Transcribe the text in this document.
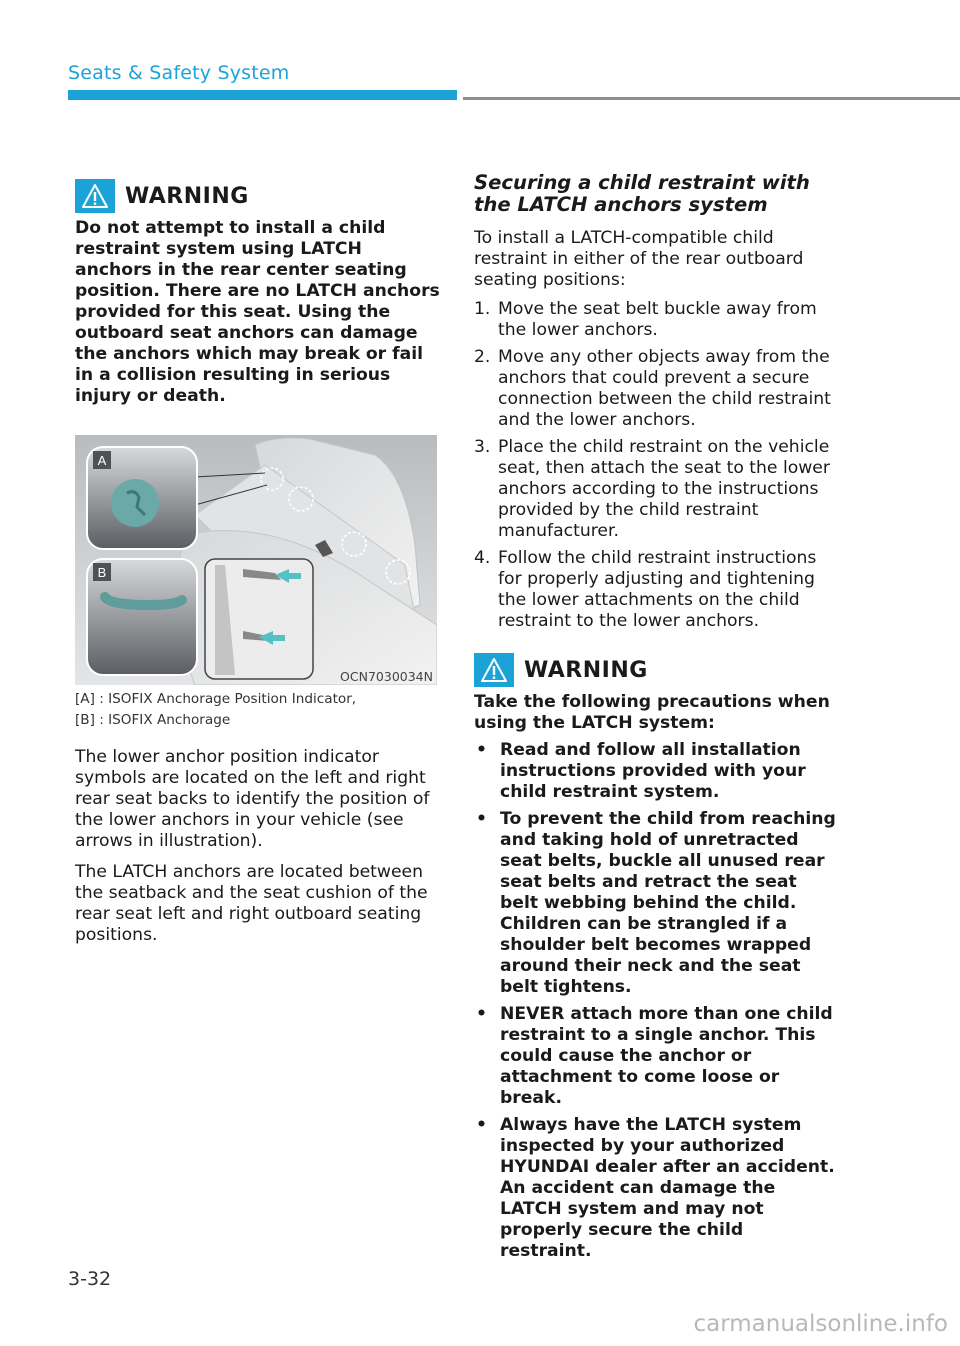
Seats & Safety System
WARNING

Do not attempt to install a child restraint system using LATCH anchors in the rear center seating position. There are no LATCH anchors provided for this seat. Using the outboard seat anchors can damage the anchors which may break or fail in a collision resulting in serious injury or death.

A
B
OCN7030034N
[A] : ISOFIX Anchorage Position Indicator,
[B] : ISOFIX Anchorage

The lower anchor position indicator symbols are located on the left and right rear seat backs to identify the position of the lower anchors in your vehicle (see arrows in illustration).

The LATCH anchors are located between the seatback and the seat cushion of the rear seat left and right outboard seating positions.

Securing a child restraint with the LATCH anchors system

To install a LATCH-compatible child restraint in either of the rear outboard seating positions:

1. Move the seat belt buckle away from the lower anchors.
2. Move any other objects away from the anchors that could prevent a secure connection between the child restraint and the lower anchors.
3. Place the child restraint on the vehicle seat, then attach the seat to the lower anchors according to the instructions provided by the child restraint manufacturer.
4. Follow the child restraint instructions for properly adjusting and tightening the lower attachments on the child restraint to the lower anchors.
WARNING

Take the following precautions when using the LATCH system:

• Read and follow all installation instructions provided with your child restraint system.
• To prevent the child from reaching and taking hold of unretracted seat belts, buckle all unused rear seat belts and retract the seat belt webbing behind the child. Children can be strangled if a shoulder belt becomes wrapped around their neck and the seat belt tightens.
• NEVER attach more than one child restraint to a single anchor. This could cause the anchor or attachment to come loose or break.
• Always have the LATCH system inspected by your authorized HYUNDAI dealer after an accident. An accident can damage the LATCH system and may not properly secure the child restraint.
3-32
carmanualsonline.info
